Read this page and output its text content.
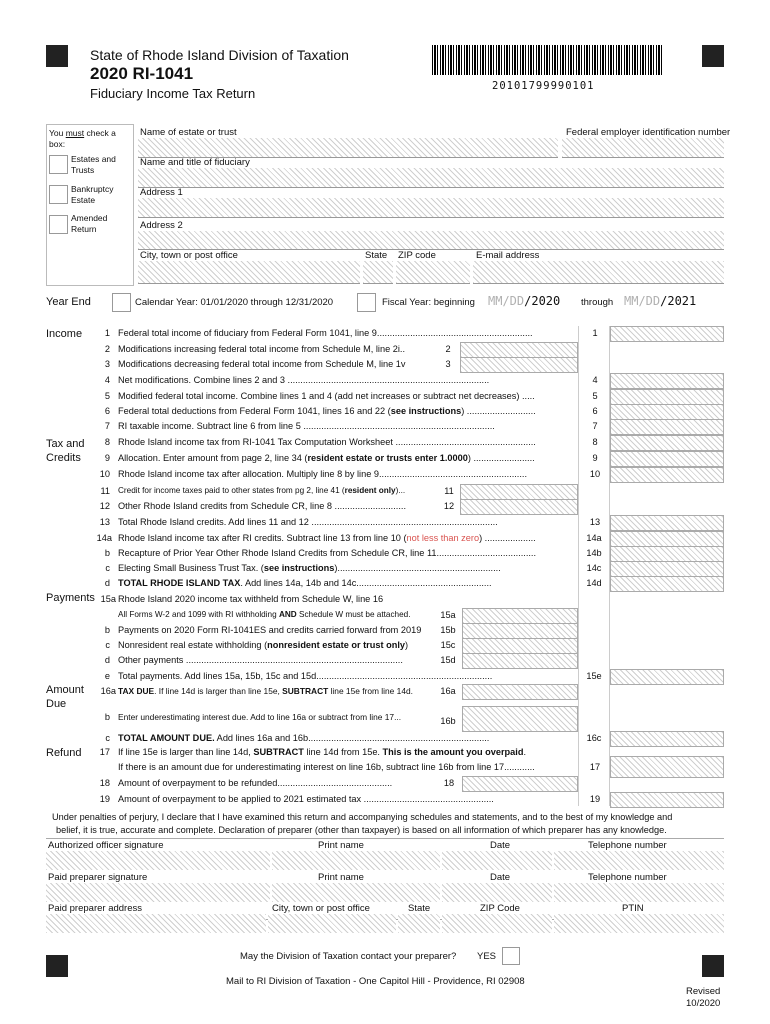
State of Rhode Island Division of Taxation
2020 RI-1041
Fiduciary Income Tax Return	20101799990101
You must check a box:
Estates and Trusts
Bankruptcy Estate
Amended Return
Name of estate or trust	Federal employer identification number
Name and title of fiduciary
Address 1
Address 2
City, town or post office	State ZIP code	E-mail address
Year End	Calendar Year: 01/01/2020 through 12/31/2020	Fiscal Year: beginning MM/DD/2020 through MM/DD/2021
Income
Tax and
Credits
Payments
Amount
Due
Refund
1 Federal total income of fiduciary from Federal Form 1041, line 9.............................................................	1
2 Modifications increasing federal total income from Schedule M, line 2i..	2
3 Modifications decreasing federal total income from Schedule M, line 1v	3
4 Net modifications. Combine lines 2 and 3 ...............................................................................	4
5 Modified federal total income. Combine lines 1 and 4 (add net increases or subtract net decreases) .....	5
6 Federal total deductions from Federal Form 1041, lines 16 and 22 (see instructions) ...........................	6
7 RI taxable income. Subtract line 6 from line 5 ...........................................................................	7
8 Rhode Island income tax from RI-1041 Tax Computation Worksheet .......................................................	8
9 Allocation. Enter amount from page 2, line 34 (resident estate or trusts enter 1.0000) ........................	9
10 Rhode Island income tax after allocation. Multiply line 8 by line 9..........................................................	10
11 Credit for income taxes paid to other states from pg 2, line 41 (resident only)...	11
12 Other Rhode Island credits from Schedule CR, line 8 ............................	12
13 Total Rhode Island credits. Add lines 11 and 12 .........................................................................	13
14a Rhode Island income tax after RI credits. Subtract line 13 from line 10 (not less than zero) ....................	14a
b Recapture of Prior Year Other Rhode Island Credits from Schedule CR, line 11.......................................	14b
c Electing Small Business Trust Tax. (see instructions)................................................................	14c
d TOTAL RHODE ISLAND TAX. Add lines 14a, 14b and 14c.....................................................	14d
15a Rhode Island 2020 income tax withheld from Schedule W, line 16
All Forms W-2 and 1099 with RI withholding AND Schedule W must be attached.	15a
b Payments on 2020 Form RI-1041ES and credits carried forward from 2019	15b
c Nonresident real estate withholding (nonresident estate or trust only)	15c
d Other payments .....................................................................................	15d
e Total payments. Add lines 15a, 15b, 15c and 15d.....................................................................	15e
16a TAX DUE. If line 14d is larger than line 15e, SUBTRACT line 15e from line 14d.	16a
b Enter underestimating interest due. Add to line 16a or subtract from line 17...	16b
c TOTAL AMOUNT DUE. Add lines 16a and 16b.......................................................................	16c
17 If line 15e is larger than line 14d, SUBTRACT line 14d from 15e. This is the amount you overpaid.
If there is an amount due for underestimating interest on line 16b, subtract line 16b from line 17............	17
18 Amount of overpayment to be refunded.............................................	18
19 Amount of overpayment to be applied to 2021 estimated tax ...................................................	19
Under penalties of perjury, I declare that I have examined this return and accompanying schedules and statements, and to the best of my knowledge and
belief, it is true, accurate and complete. Declaration of preparer (other than taxpayer) is based on all information of which preparer has any knowledge.
Authorized officer signature	Print name	Date	Telephone number
Paid preparer signature	Print name	Date	Telephone number
Paid preparer address	City, town or post office	State	ZIP Code	PTIN
May the Division of Taxation contact your preparer? YES
Mail to RI Division of Taxation - One Capitol Hill - Providence, RI 02908
Revised
10/2020
